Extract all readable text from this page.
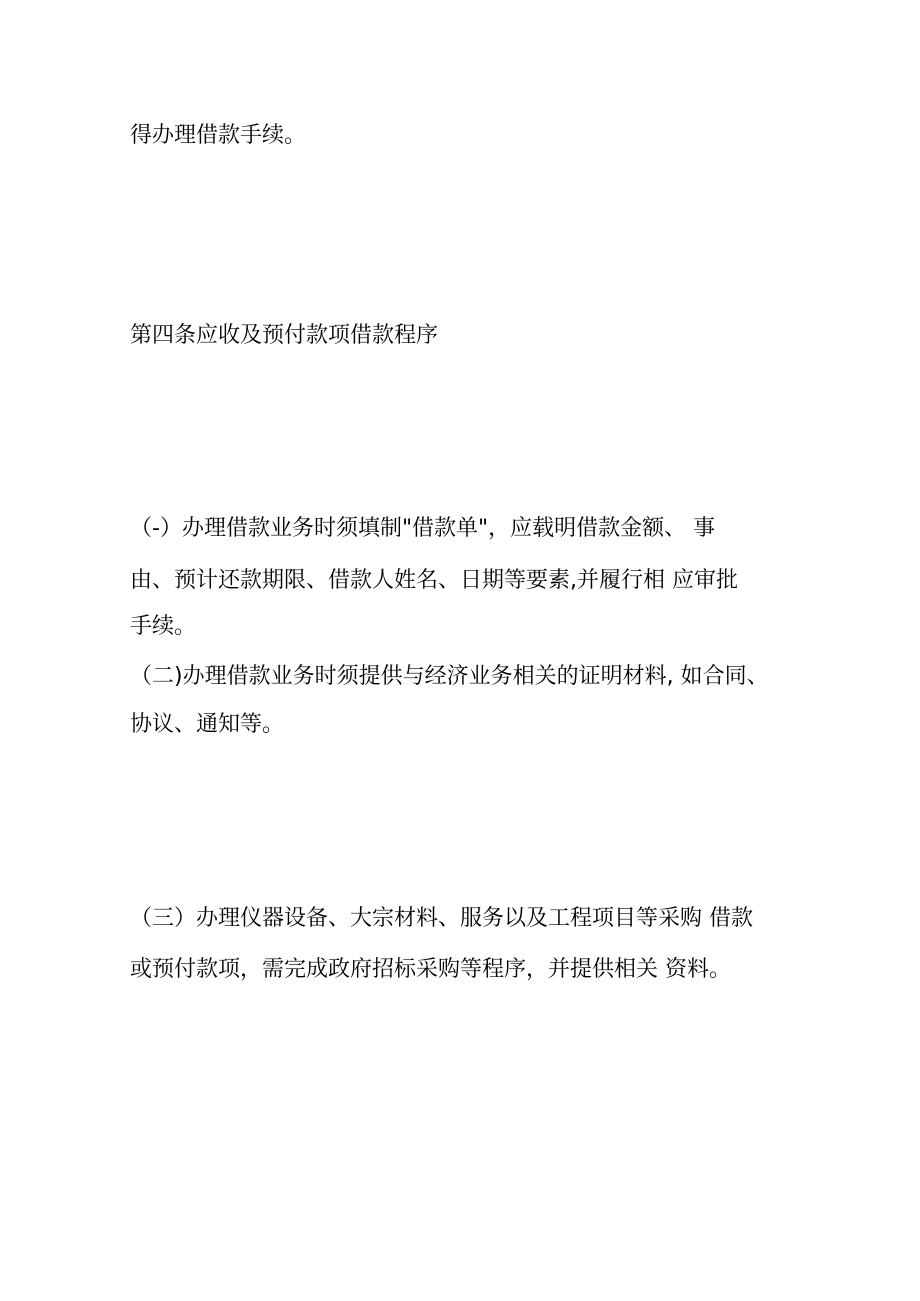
得办理借款手续。
第四条应收及预付款项借款程序
（-）办理借款业务时须填制"借款单"，应载明借款金额、 事
由、预计还款期限、借款人姓名、日期等要素,并履行相 应审批
手续。
（二)办理借款业务时须提供与经济业务相关的证明材料, 如合同、
协议、通知等。
（三）办理仪器设备、大宗材料、服务以及工程项目等采购 借款
或预付款项，需完成政府招标采购等程序，并提供相关 资料。
